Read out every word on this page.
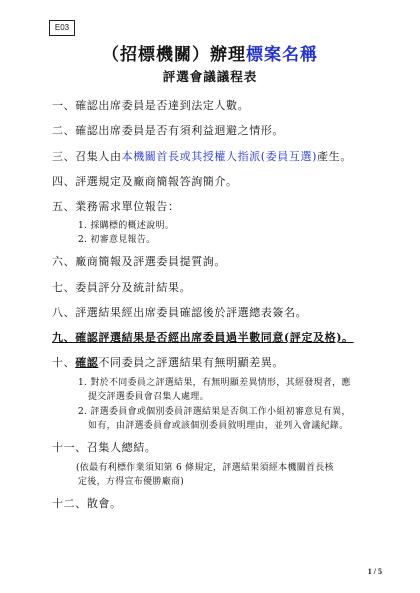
E03
（招標機關）辦理標案名稱
評選會議議程表
一、確認出席委員是否達到法定人數。
二、確認出席委員是否有須利益迴避之情形。
三、召集人由本機關首長或其授權人指派(委員互選)產生。
四、評選規定及廠商簡報答詢簡介。
五、業務需求單位報告：
1. 採購標的概述說明。
2. 初審意見報告。
六、廠商簡報及評選委員提質詢。
七、委員評分及統計結果。
八、評選結果經出席委員確認後於評選總表簽名。
九、確認評選結果是否經出席委員過半數同意(評定及格)。
十、確認不同委員之評選結果有無明顯差異。
1. 對於不同委員之評選結果，有無明顯差異情形，其經發現者，應
提交評選委員會召集人處理。
2. 評選委員會或個別委員評選結果是否與工作小組初審意見有異，
如有，由評選委員會或該個別委員敘明理由，並列入會議紀錄。
十一、召集人總結。
(依最有利標作業須知第 6 條規定，評選結果須經本機關首長核
定後，方得宣布優勝廠商)
十二、散會。
1 / 5
